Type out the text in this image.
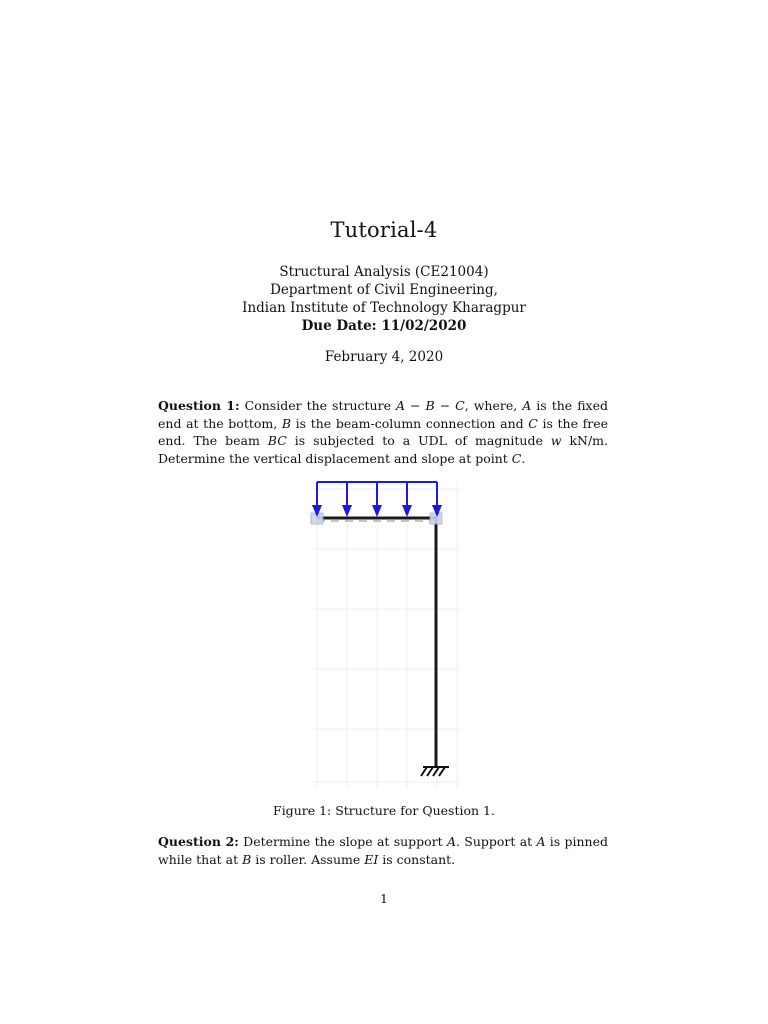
Tutorial-4
Structural Analysis (CE21004)
Department of Civil Engineering,
Indian Institute of Technology Kharagpur
Due Date: 11/02/2020
February 4, 2020
Question 1: Consider the structure A − B − C, where, A is the fixed end at the bottom, B is the beam-column connection and C is the free end. The beam BC is subjected to a UDL of magnitude w kN/m. Determine the vertical displacement and slope at point C.
Figure 1: Structure for Question 1.
Question 2: Determine the slope at support A. Support at A is pinned while that at B is roller. Assume EI is constant.
1
